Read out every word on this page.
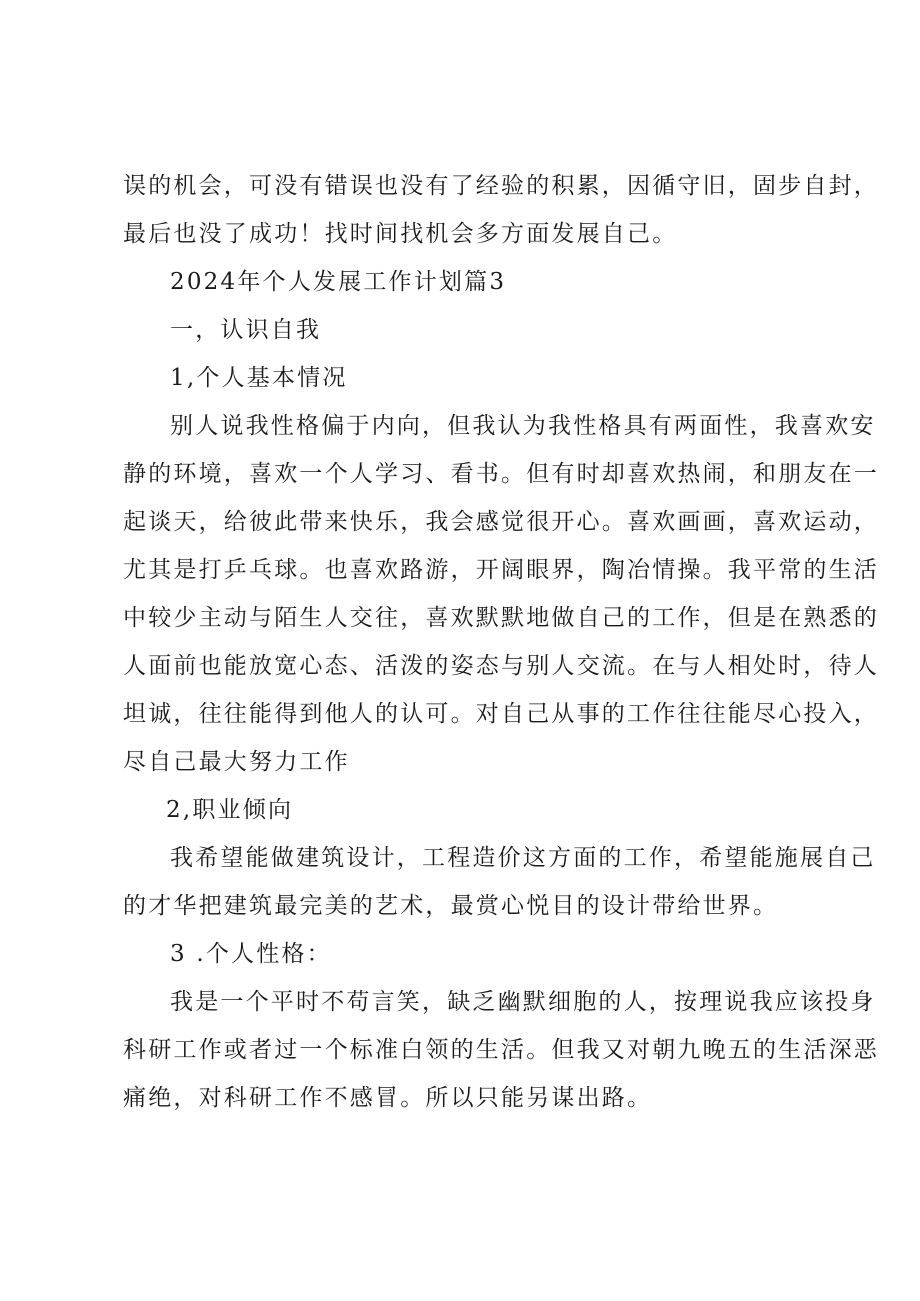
误的机会，可没有错误也没有了经验的积累，因循守旧，固步自封，
最后也没了成功！找时间找机会多方面发展自己。
2024年个人发展工作计划篇3
一，认识自我
1,个人基本情况
别人说我性格偏于内向，但我认为我性格具有两面性，我喜欢安
静的环境，喜欢一个人学习、看书。但有时却喜欢热闹，和朋友在一
起谈天，给彼此带来快乐，我会感觉很开心。喜欢画画，喜欢运动，
尤其是打乒乓球。也喜欢路游，开阔眼界，陶冶情操。我平常的生活
中较少主动与陌生人交往，喜欢默默地做自己的工作，但是在熟悉的
人面前也能放宽心态、活泼的姿态与别人交流。在与人相处时，待人
坦诚，往往能得到他人的认可。对自己从事的工作往往能尽心投入，
尽自己最大努力工作
2,职业倾向
我希望能做建筑设计，工程造价这方面的工作，希望能施展自己
的才华把建筑最完美的艺术，最赏心悦目的设计带给世界。
3 .个人性格：
我是一个平时不苟言笑，缺乏幽默细胞的人，按理说我应该投身
科研工作或者过一个标准白领的生活。但我又对朝九晚五的生活深恶
痛绝，对科研工作不感冒。所以只能另谋出路。
